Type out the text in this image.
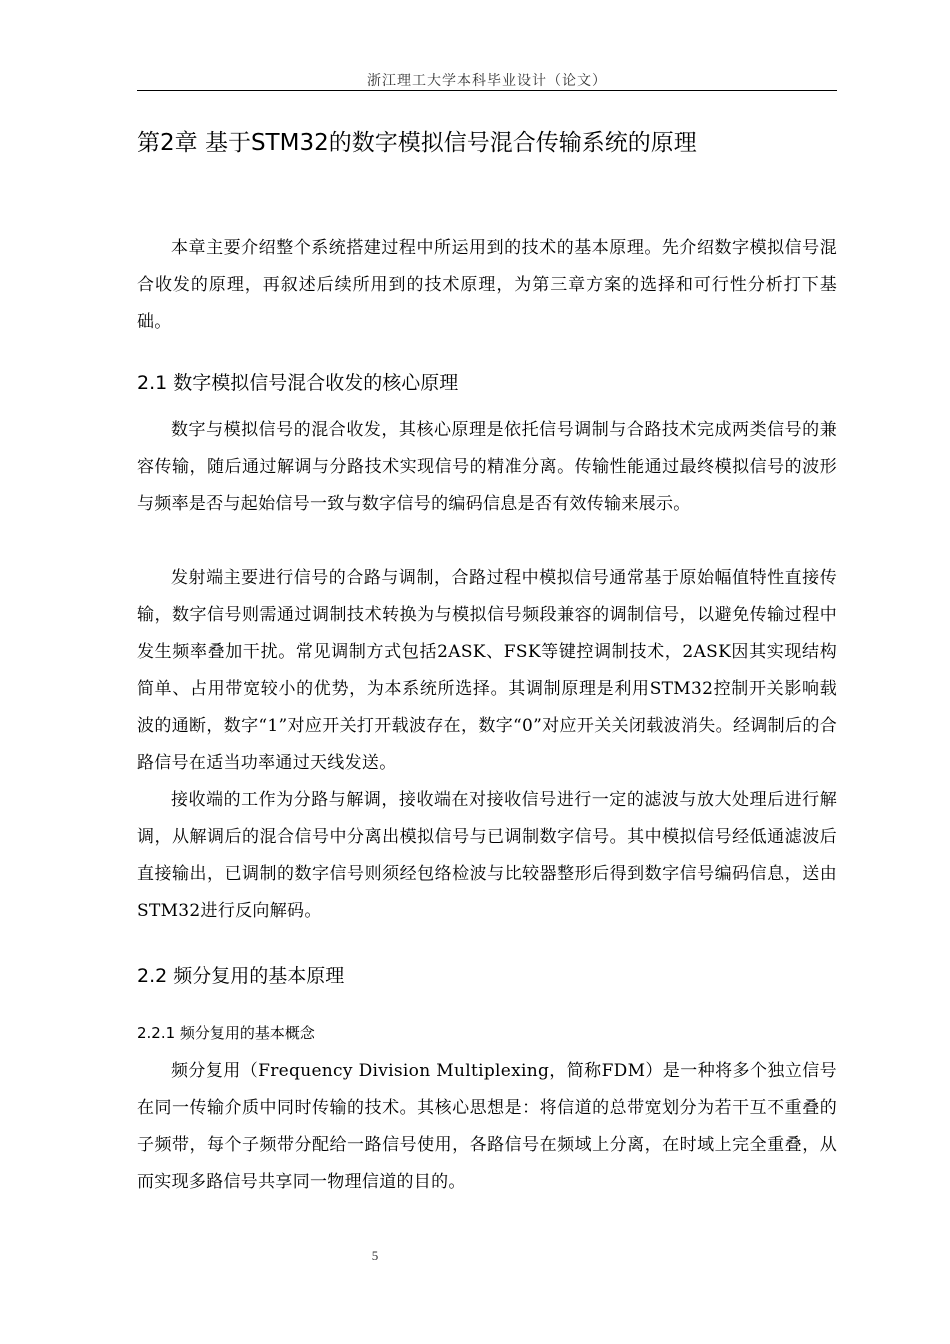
浙江理工大学本科毕业设计（论文）
第2章 基于STM32的数字模拟信号混合传输系统的原理

本章主要介绍整个系统搭建过程中所运用到的技术的基本原理。先介绍数字模拟信号混合收发的原理，再叙述后续所用到的技术原理，为第三章方案的选择和可行性分析打下基础。

2.1 数字模拟信号混合收发的核心原理

数字与模拟信号的混合收发，其核心原理是依托信号调制与合路技术完成两类信号的兼容传输，随后通过解调与分路技术实现信号的精准分离。传输性能通过最终模拟信号的波形与频率是否与起始信号一致与数字信号的编码信息是否有效传输来展示。

发射端主要进行信号的合路与调制，合路过程中模拟信号通常基于原始幅值特性直接传输，数字信号则需通过调制技术转换为与模拟信号频段兼容的调制信号，以避免传输过程中发生频率叠加干扰。常见调制方式包括2ASK、FSK等键控调制技术，2ASK因其实现结构简单、占用带宽较小的优势，为本系统所选择。其调制原理是利用STM32控制开关影响载波的通断，数字“1”对应开关打开载波存在，数字“0”对应开关关闭载波消失。经调制后的合路信号在适当功率通过天线发送。

接收端的工作为分路与解调，接收端在对接收信号进行一定的滤波与放大处理后进行解调，从解调后的混合信号中分离出模拟信号与已调制数字信号。其中模拟信号经低通滤波后直接输出，已调制的数字信号则须经包络检波与比较器整形后得到数字信号编码信息，送由STM32进行反向解码。

2.2 频分复用的基本原理
2.2.1 频分复用的基本概念

频分复用（Frequency Division Multiplexing，简称FDM）是一种将多个独立信号在同一传输介质中同时传输的技术。其核心思想是：将信道的总带宽划分为若干互不重叠的子频带，每个子频带分配给一路信号使用，各路信号在频域上分离，在时域上完全重叠，从而实现多路信号共享同一物理信道的目的。

5
